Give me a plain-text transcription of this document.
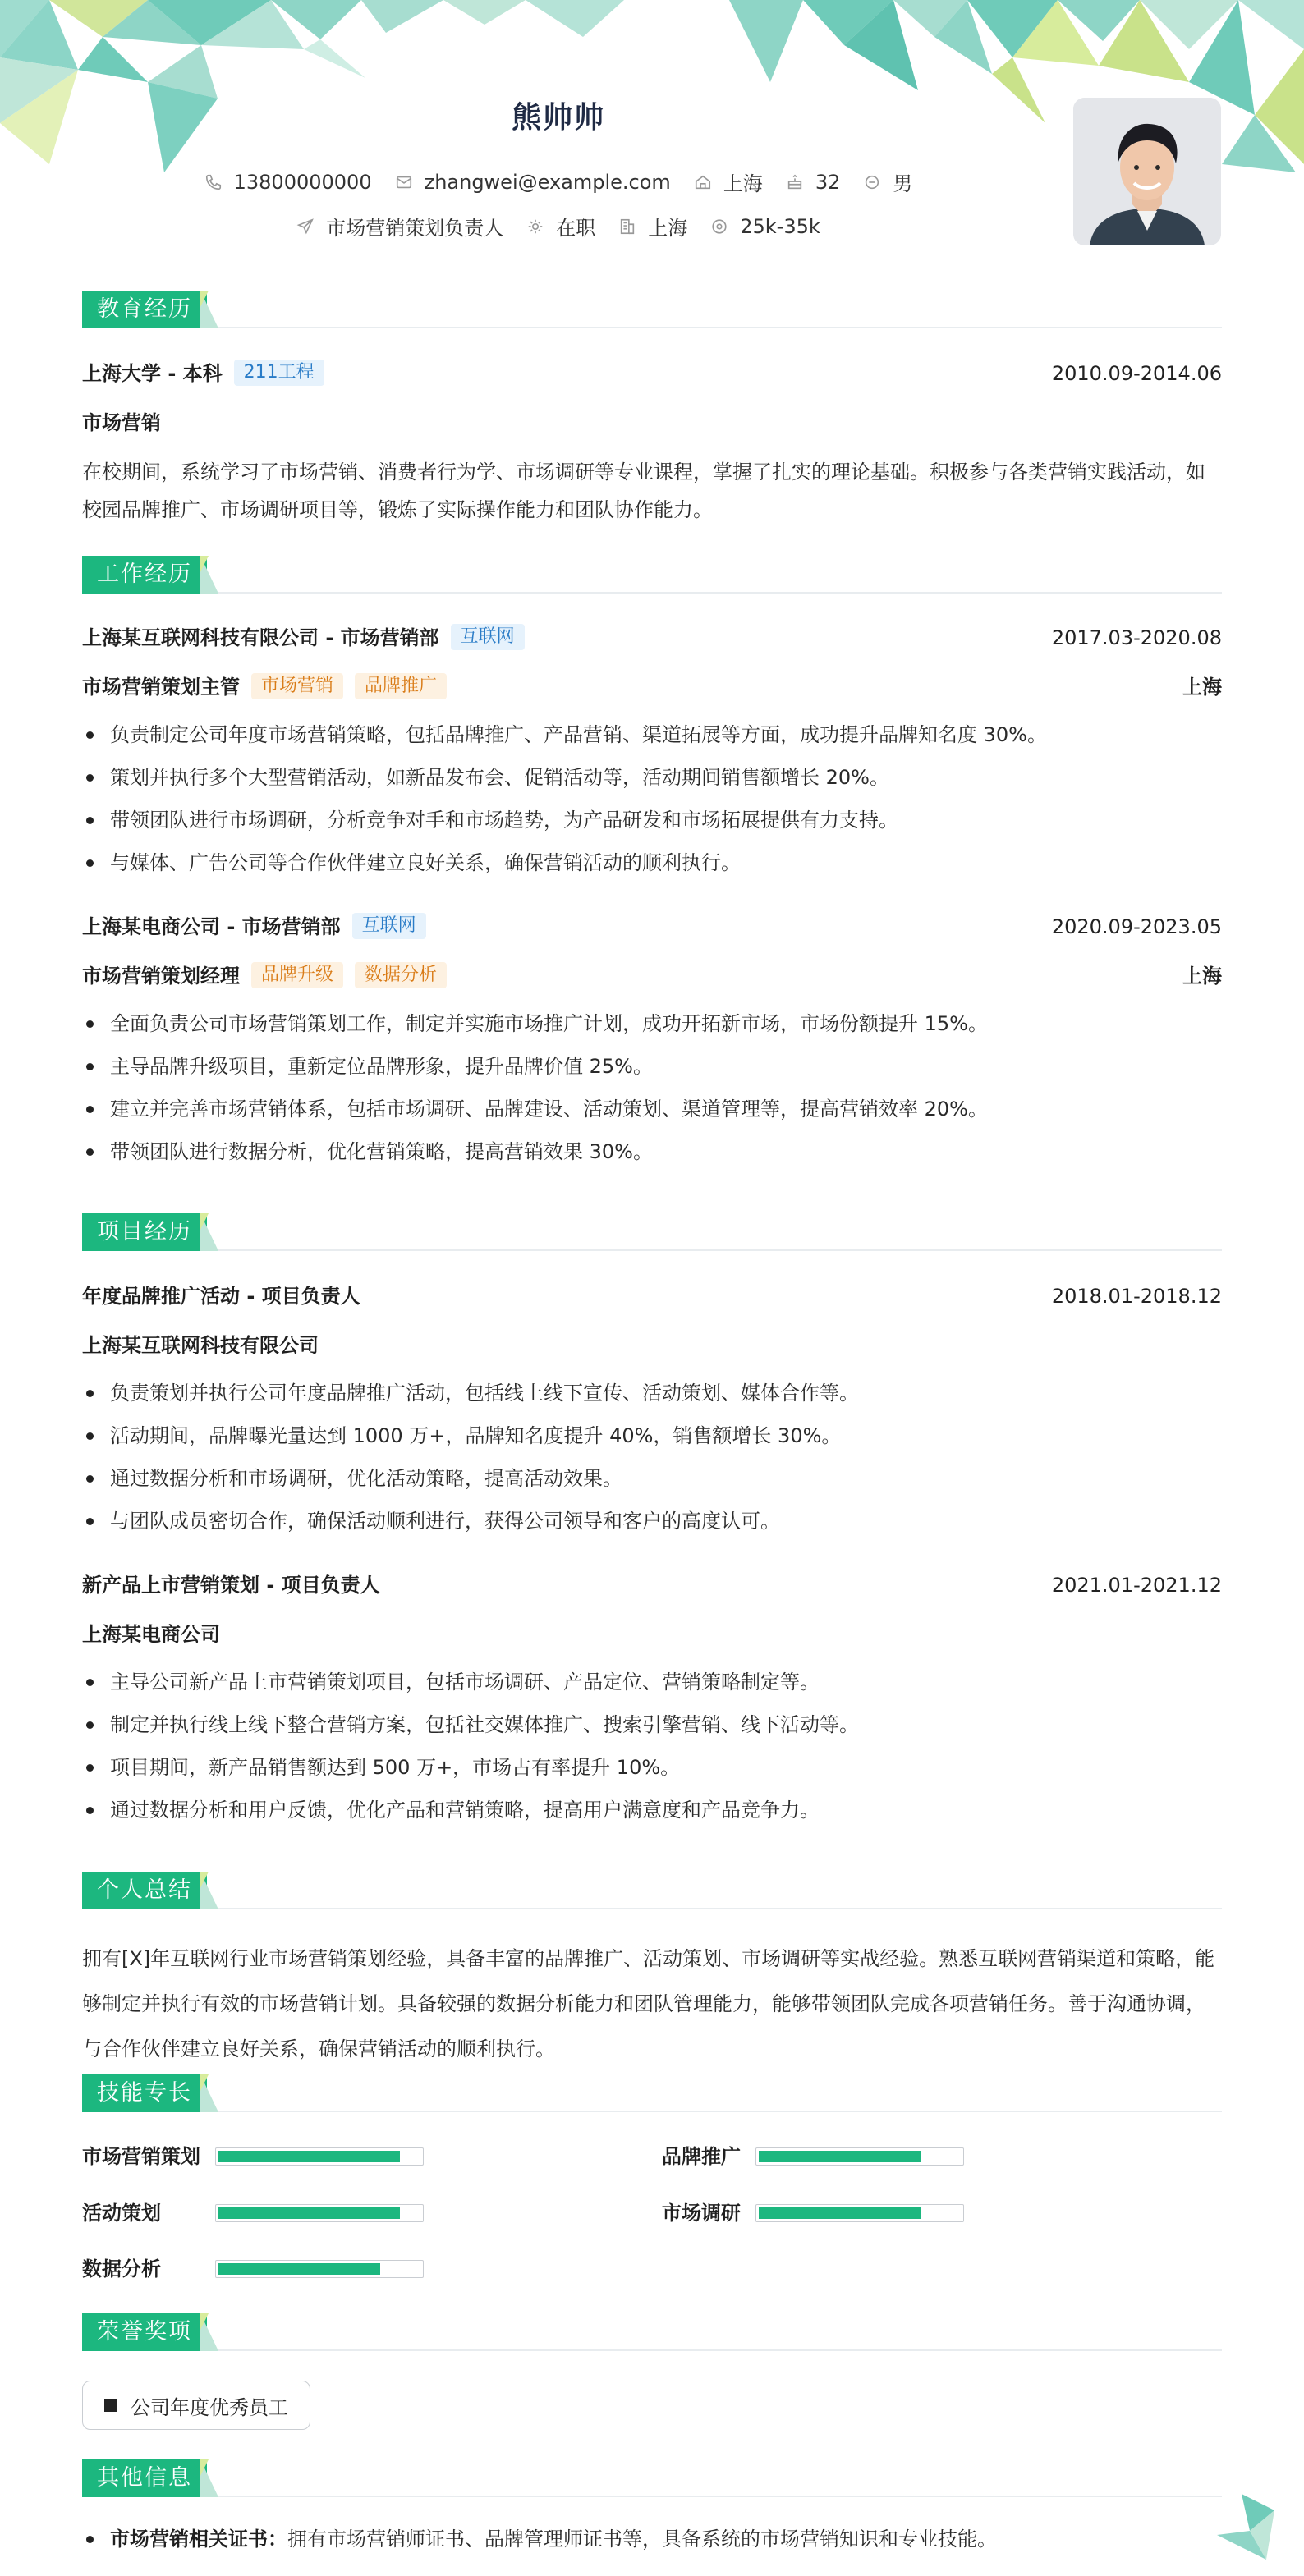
熊帅帅
13800000000	zhangwei@example.com	上海	32	男
市场营销策划负责人	在职	上海	25k-35k
教育经历
上海大学 - 本科 211工程	2010.09-2014.06
市场营销
在校期间，系统学习了市场营销、消费者行为学、市场调研等专业课程，掌握了扎实的理论基础。积极参与各类营销实践活动，如校园品牌推广、市场调研项目等，锻炼了实际操作能力和团队协作能力。
工作经历
上海某互联网科技有限公司 - 市场营销部 互联网	2017.03-2020.08
市场营销策划主管 市场营销 品牌推广	上海
负责制定公司年度市场营销策略，包括品牌推广、产品营销、渠道拓展等方面，成功提升品牌知名度 30%。
策划并执行多个大型营销活动，如新品发布会、促销活动等，活动期间销售额增长 20%。
带领团队进行市场调研，分析竞争对手和市场趋势，为产品研发和市场拓展提供有力支持。
与媒体、广告公司等合作伙伴建立良好关系，确保营销活动的顺利执行。
上海某电商公司 - 市场营销部 互联网	2020.09-2023.05
市场营销策划经理 品牌升级 数据分析	上海
全面负责公司市场营销策划工作，制定并实施市场推广计划，成功开拓新市场，市场份额提升 15%。
主导品牌升级项目，重新定位品牌形象，提升品牌价值 25%。
建立并完善市场营销体系，包括市场调研、品牌建设、活动策划、渠道管理等，提高营销效率 20%。
带领团队进行数据分析，优化营销策略，提高营销效果 30%。
项目经历
年度品牌推广活动 - 项目负责人	2018.01-2018.12
上海某互联网科技有限公司
负责策划并执行公司年度品牌推广活动，包括线上线下宣传、活动策划、媒体合作等。
活动期间，品牌曝光量达到 1000 万+，品牌知名度提升 40%，销售额增长 30%。
通过数据分析和市场调研，优化活动策略，提高活动效果。
与团队成员密切合作，确保活动顺利进行，获得公司领导和客户的高度认可。
新产品上市营销策划 - 项目负责人	2021.01-2021.12
上海某电商公司
主导公司新产品上市营销策划项目，包括市场调研、产品定位、营销策略制定等。
制定并执行线上线下整合营销方案，包括社交媒体推广、搜索引擎营销、线下活动等。
项目期间，新产品销售额达到 500 万+，市场占有率提升 10%。
通过数据分析和用户反馈，优化产品和营销策略，提高用户满意度和产品竞争力。
个人总结
拥有[X]年互联网行业市场营销策划经验，具备丰富的品牌推广、活动策划、市场调研等实战经验。熟悉互联网营销渠道和策略，能够制定并执行有效的市场营销计划。具备较强的数据分析能力和团队管理能力，能够带领团队完成各项营销任务。善于沟通协调，与合作伙伴建立良好关系，确保营销活动的顺利执行。
技能专长
市场营销策划	品牌推广
活动策划	市场调研
数据分析
荣誉奖项
公司年度优秀员工
其他信息
市场营销相关证书：拥有市场营销师证书、品牌管理师证书等，具备系统的市场营销知识和专业技能。
